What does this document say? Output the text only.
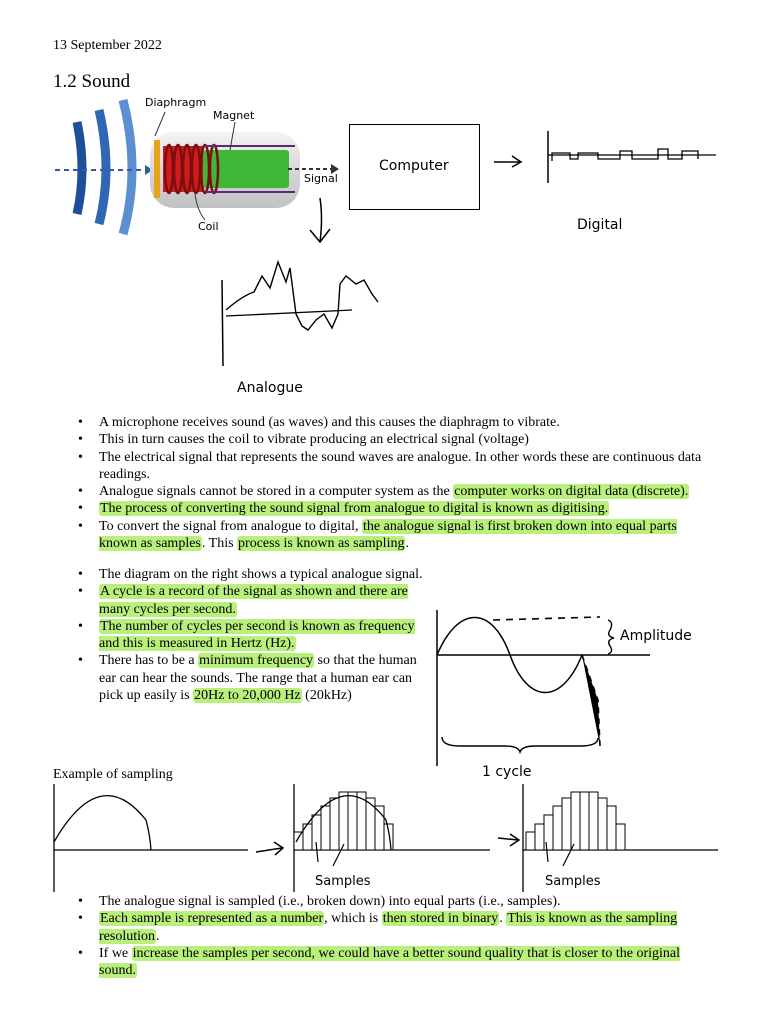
13 September 2022
1.2 Sound
Diaphragm
Magnet
Signal
Coil
Computer
Digital
Analogue
• A microphone receives sound (as waves) and this causes the diaphragm to vibrate.
• This in turn causes the coil to vibrate producing an electrical signal (voltage)
• The electrical signal that represents the sound waves are analogue. In other words these are continuous data readings.
• Analogue signals cannot be stored in a computer system as the computer works on digital data (discrete).
• The process of converting the sound signal from analogue to digital is known as digitising.
• To convert the signal from analogue to digital, the analogue signal is first broken down into equal parts known as samples. This process is known as sampling.
• The diagram on the right shows a typical analogue signal.
• A cycle is a record of the signal as shown and there are many cycles per second.
• The number of cycles per second is known as frequency and this is measured in Hertz (Hz).
• There has to be a minimum frequency so that the human ear can hear the sounds. The range that a human ear can pick up easily is 20Hz to 20,000 Hz (20kHz)
Amplitude
1 cycle
Example of sampling
Samples	Samples
• The analogue signal is sampled (i.e., broken down) into equal parts (i.e., samples).
• Each sample is represented as a number, which is then stored in binary. This is known as the sampling resolution.
• If we increase the samples per second, we could have a better sound quality that is closer to the original sound.
